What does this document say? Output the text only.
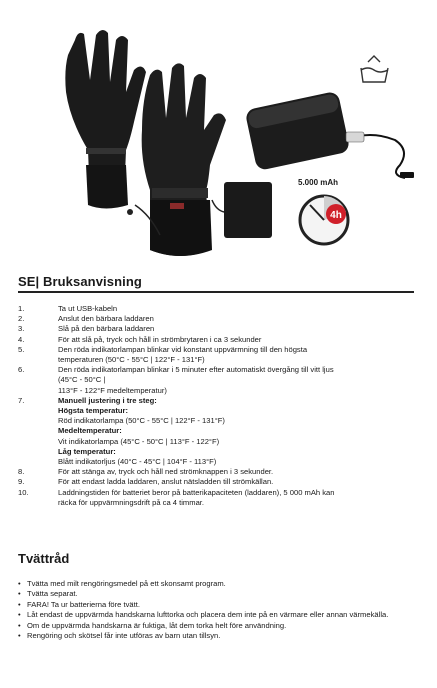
4h
5.000 mAh
SE| Bruksanvisning
1.	Ta ut USB-kabeln
2.	Anslut den bärbara laddaren
3.	Slå på den bärbara laddaren
4.	För att slå på, tryck och håll in strömbrytaren i ca 3 sekunder
5.	Den röda indikatorlampan blinkar vid konstant uppvärmning till den högsta
temperaturen (50°C - 55°C | 122°F - 131°F)
6.	Den röda indikatorlampan blinkar i 5 minuter efter automatiskt övergång till vitt ljus
(45°C - 50°C |
113°F - 122°F medeltemperatur)
7.	Manuell justering i tre steg:
Högsta temperatur:
Röd indikatorlampa (50°C - 55°C | 122°F - 131°F)
Medeltemperatur:
Vit indikatorlampa (45°C - 50°C | 113°F - 122°F)
Låg temperatur:
Blått indikatorljus (40°C - 45°C | 104°F - 113°F)
8.	För att stänga av, tryck och håll ned strömknappen i 3 sekunder.
9.	För att endast ladda laddaren, anslut nätsladden till strömkällan.
10.	Laddningstiden för batteriet beror på batterikapaciteten (laddaren), 5 000 mAh kan
räcka för uppvärmningsdrift på ca 4 timmar.
Tvättråd
• Tvätta med milt rengöringsmedel på ett skonsamt program.
• Tvätta separat.
• FARA! Ta ur batterierna före tvätt.
• Låt endast de uppvärmda handskarna lufttorka och placera dem inte på en värmare eller annan värmekälla.
• Om de uppvärmda handskarna är fuktiga, låt dem torka helt före användning.
• Rengöring och skötsel får inte utföras av barn utan tillsyn.
